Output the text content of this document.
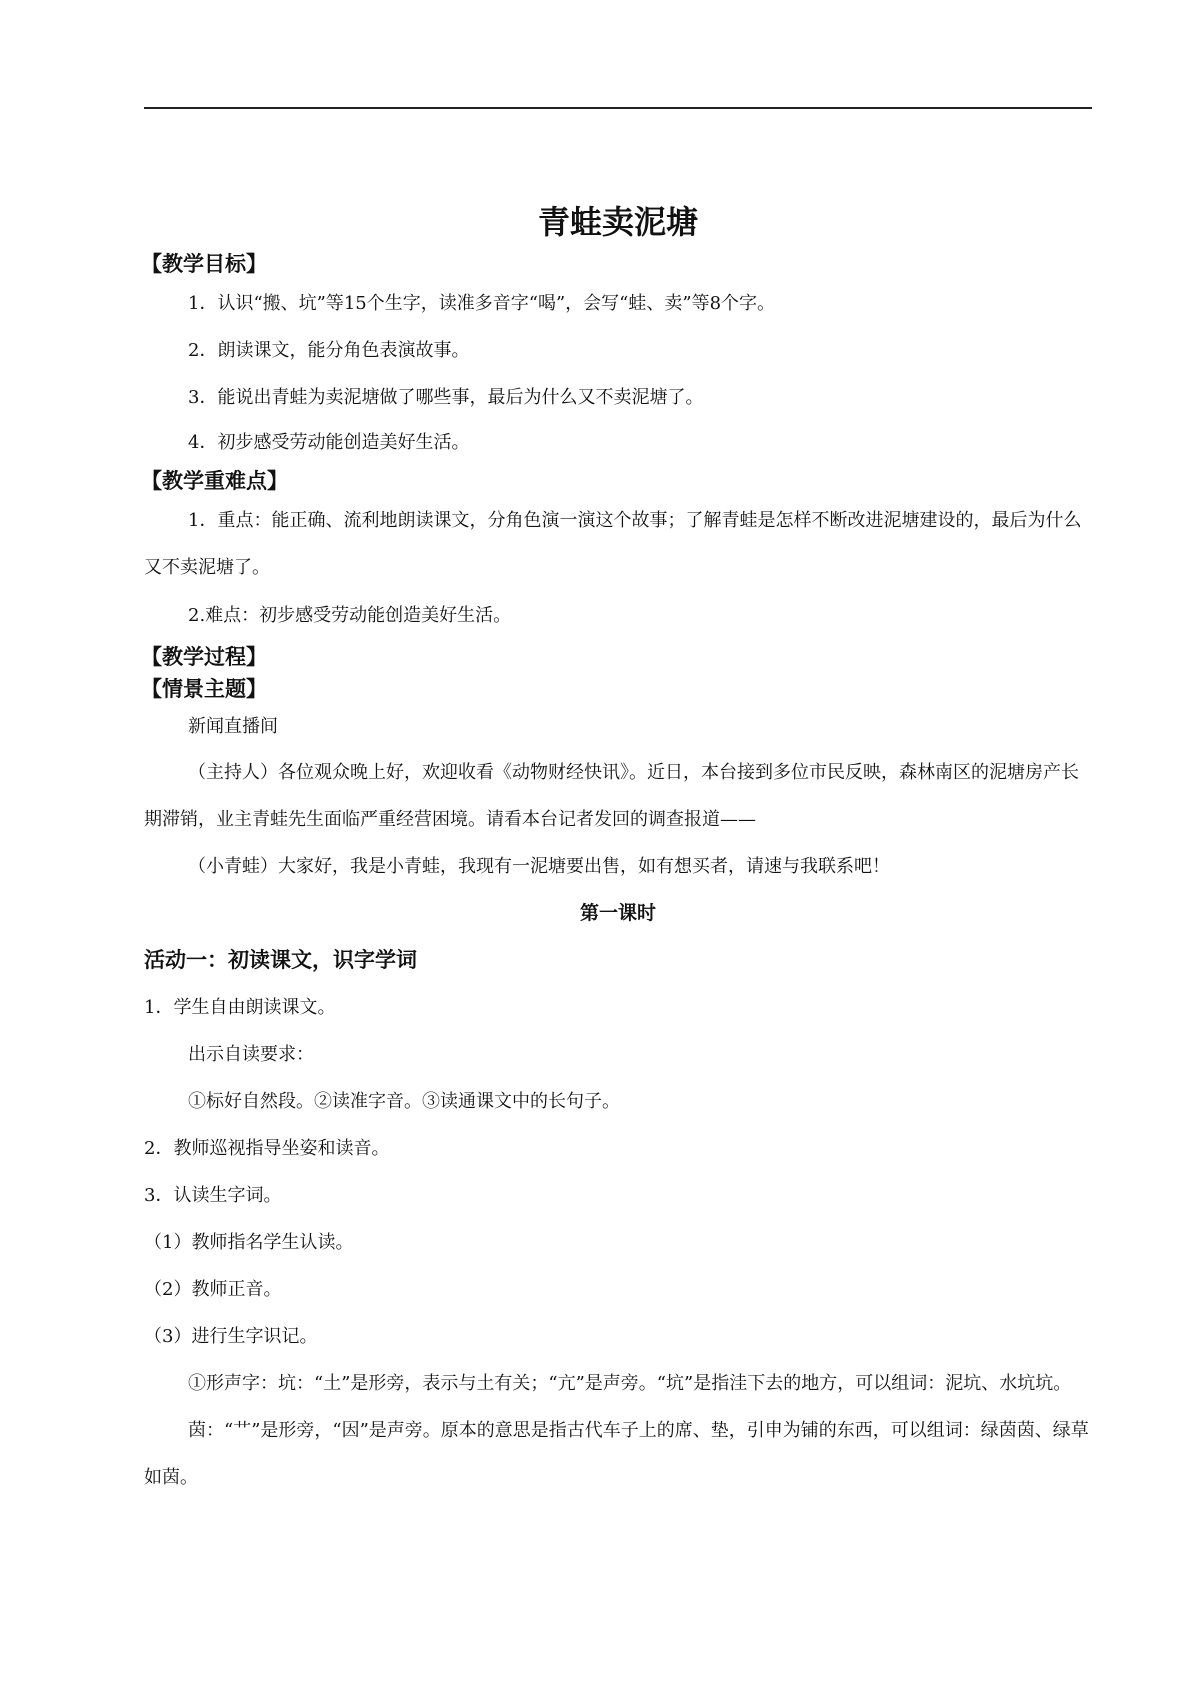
青蛙卖泥塘
【教学目标】
1．认识“搬、坑”等15个生字，读准多音字“喝”，会写“蛙、卖”等8个字。
2．朗读课文，能分角色表演故事。
3．能说出青蛙为卖泥塘做了哪些事，最后为什么又不卖泥塘了。
4．初步感受劳动能创造美好生活。
【教学重难点】
1．重点：能正确、流利地朗读课文，分角色演一演这个故事；了解青蛙是怎样不断改进泥塘建设的，最后为什么又不卖泥塘了。
2.难点：初步感受劳动能创造美好生活。
【教学过程】
【情景主题】
新闻直播间
（主持人）各位观众晚上好，欢迎收看《动物财经快讯》。近日，本台接到多位市民反映，森林南区的泥塘房产长期滞销，业主青蛙先生面临严重经营困境。请看本台记者发回的调查报道——
（小青蛙）大家好，我是小青蛙，我现有一泥塘要出售，如有想买者，请速与我联系吧！
第一课时
活动一：初读课文，识字学词
1．学生自由朗读课文。
出示自读要求：
①标好自然段。②读准字音。③读通课文中的长句子。
2．教师巡视指导坐姿和读音。
3．认读生字词。
（1）教师指名学生认读。
（2）教师正音。
（3）进行生字识记。
①形声字：坑：“土”是形旁，表示与土有关；“亢”是声旁。“坑”是指洼下去的地方，可以组词：泥坑、水坑坑。
茵：“艹”是形旁，“因”是声旁。原本的意思是指古代车子上的席、垫，引申为铺的东西，可以组词：绿茵茵、绿草如茵。
